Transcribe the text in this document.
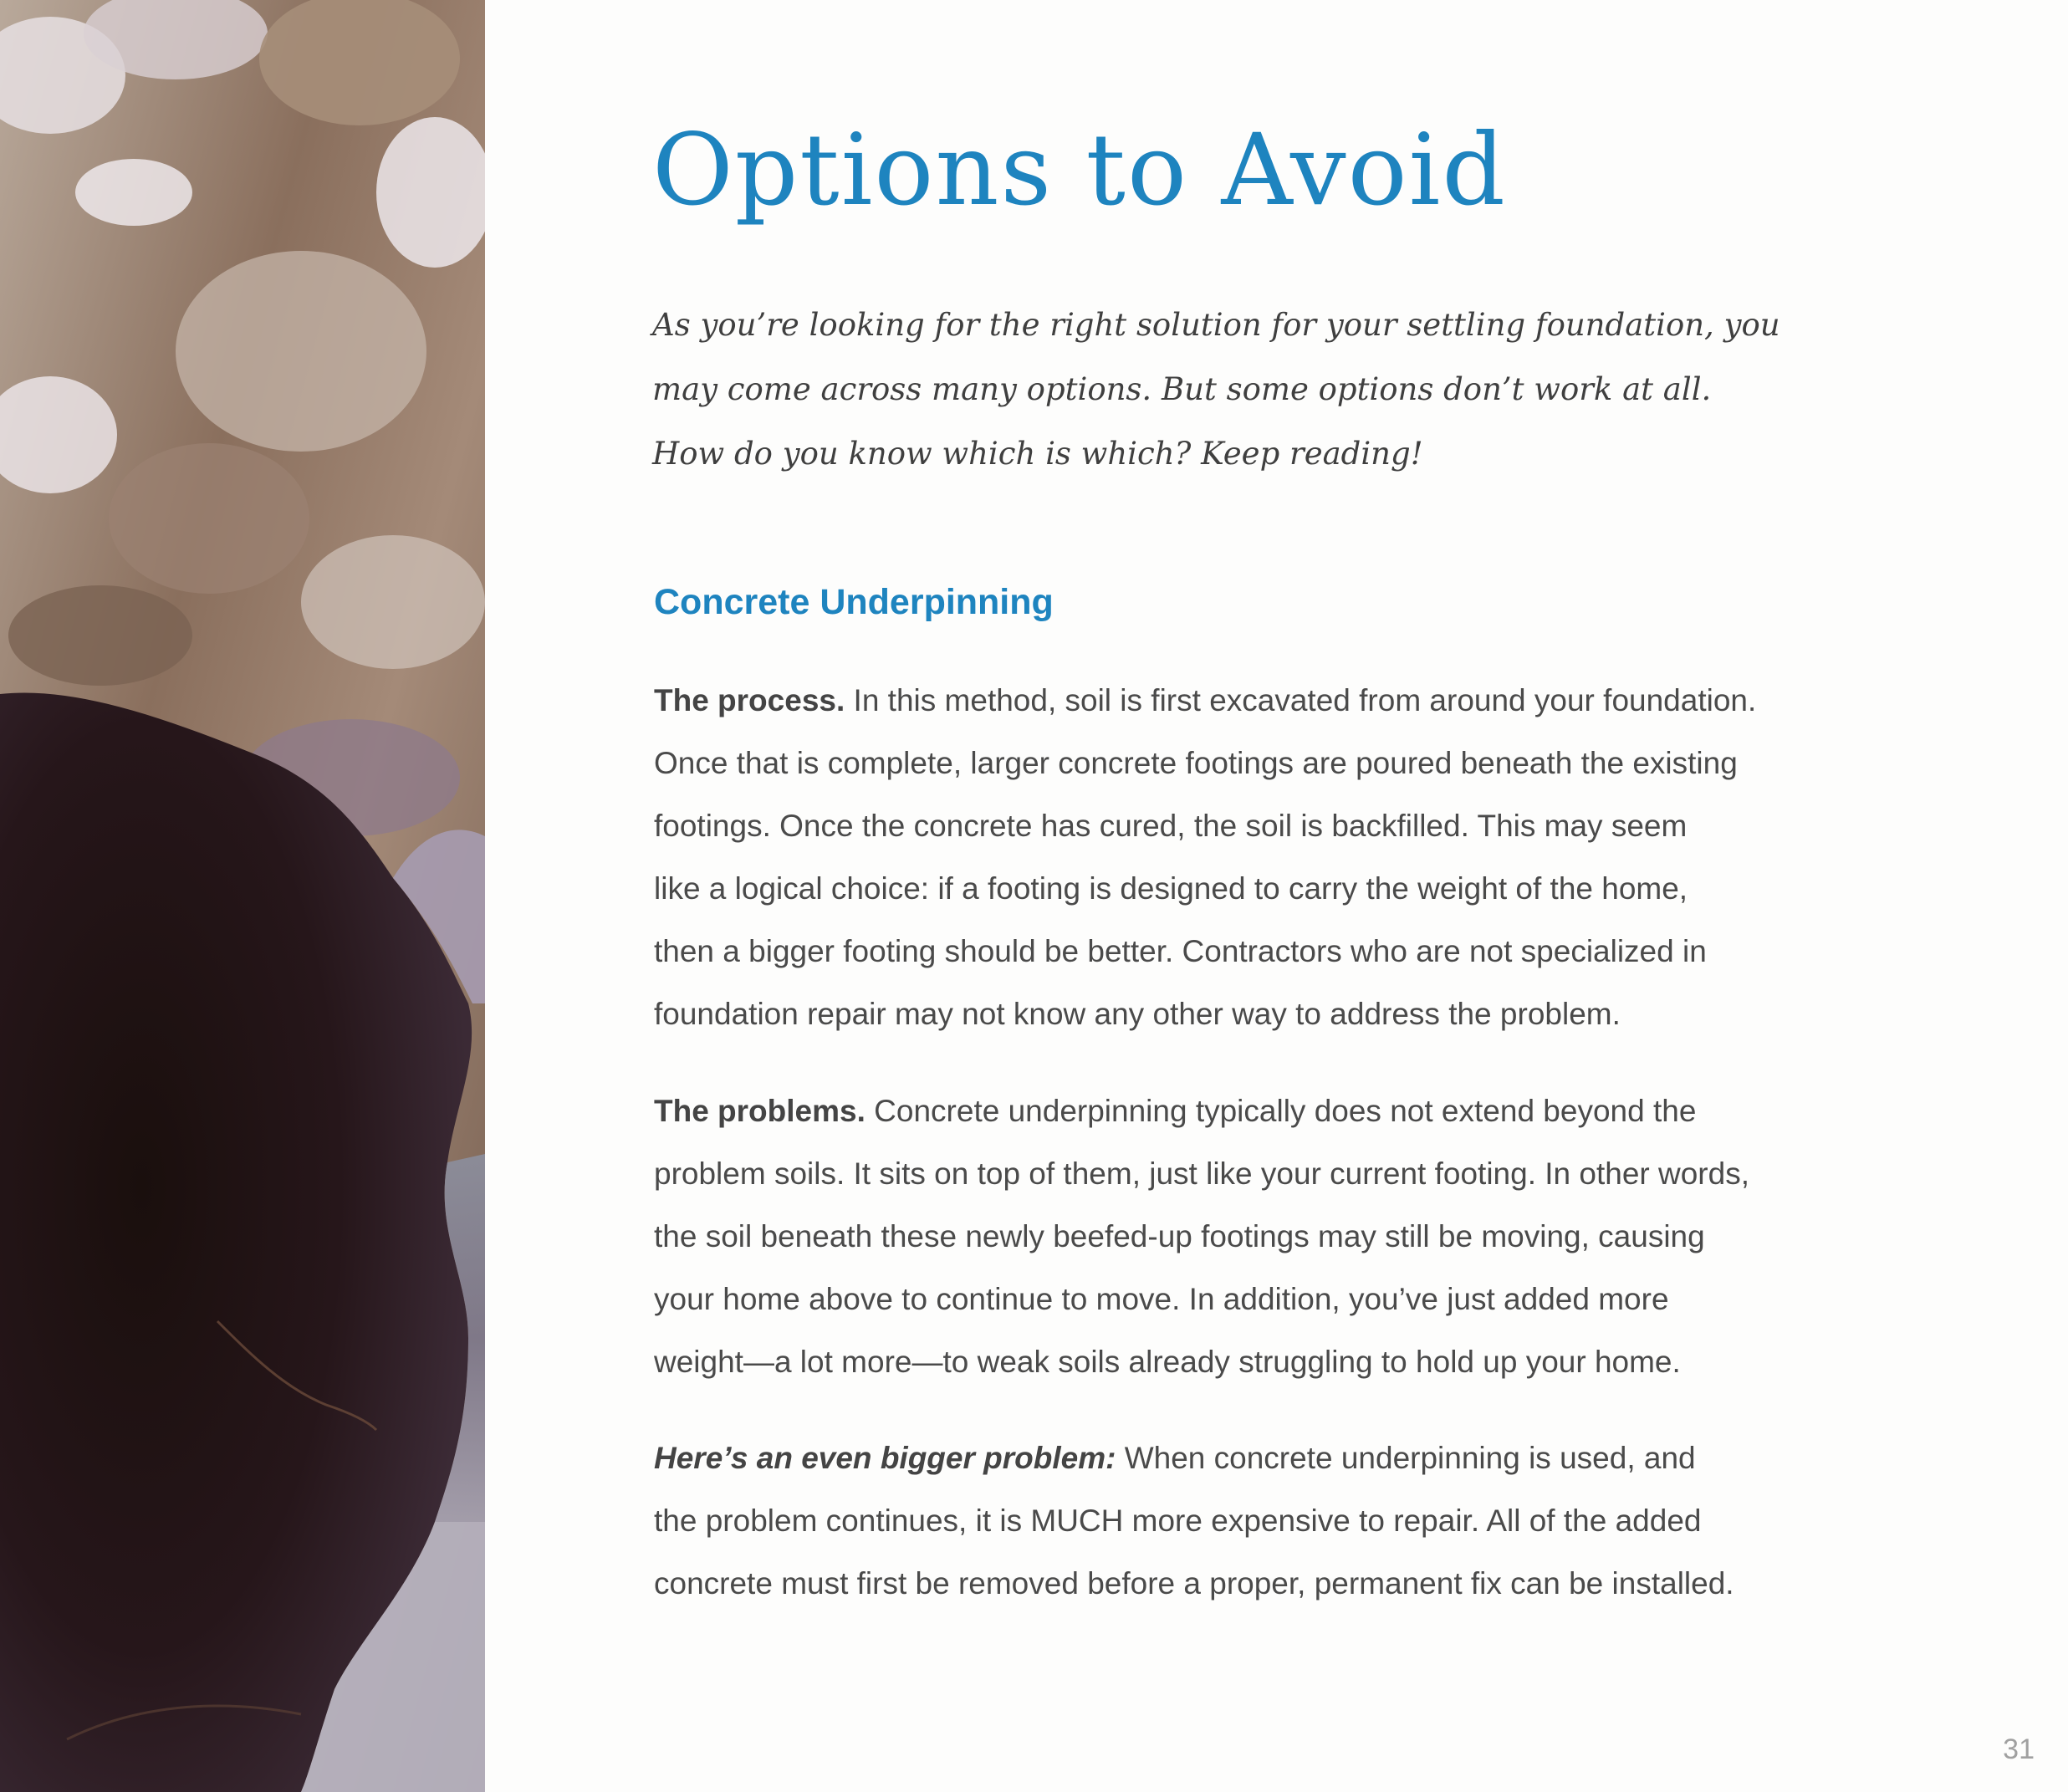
Options to Avoid

As you’re looking for the right solution for your settling foundation, you
may come across many options. But some options don’t work at all.
How do you know which is which? Keep reading!

Concrete Underpinning

The process. In this method, soil is first excavated from around your foundation.
Once that is complete, larger concrete footings are poured beneath the existing
footings. Once the concrete has cured, the soil is backfilled. This may seem
like a logical choice: if a footing is designed to carry the weight of the home,
then a bigger footing should be better. Contractors who are not specialized in
foundation repair may not know any other way to address the problem.

The problems. Concrete underpinning typically does not extend beyond the
problem soils. It sits on top of them, just like your current footing. In other words,
the soil beneath these newly beefed-up footings may still be moving, causing
your home above to continue to move. In addition, you’ve just added more
weight—a lot more—to weak soils already struggling to hold up your home.

Here’s an even bigger problem: When concrete underpinning is used, and
the problem continues, it is MUCH more expensive to repair. All of the added
concrete must first be removed before a proper, permanent fix can be installed.

31
